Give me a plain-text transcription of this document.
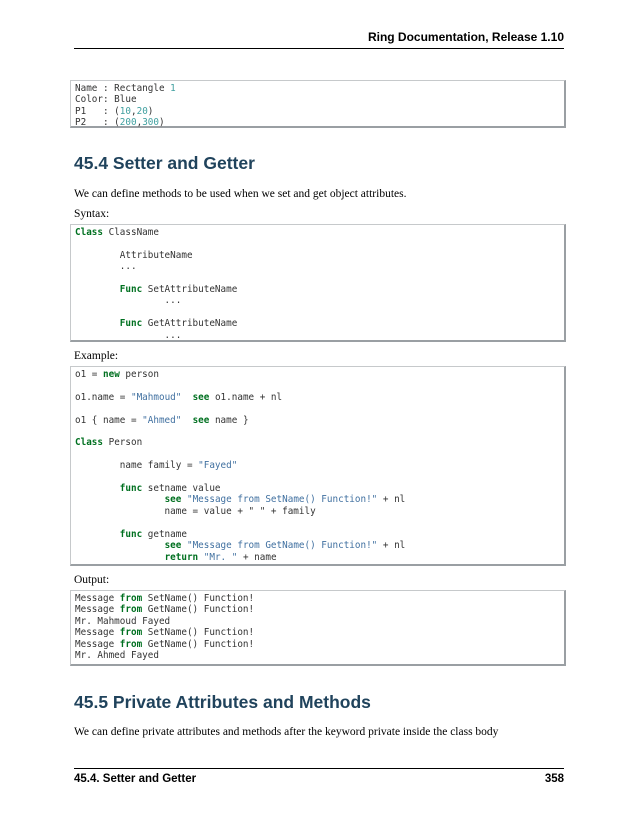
Ring Documentation, Release 1.10
Name : Rectangle 1
Color: Blue
P1   : (10,20)
P2   : (200,300)
45.4 Setter and Getter

We can define methods to be used when we set and get object attributes.

Syntax:

Class ClassName

AttributeName
...

Func SetAttributeName
...

Func GetAttributeName
...

Example:

o1 = new person

o1.name = "Mahmoud" see o1.name + nl

o1 { name = "Ahmed" see name }

Class Person

name family = "Fayed"

func setname value
see "Message from SetName() Function!" + nl
name = value + " " + family

func getname
see "Message from GetName() Function!" + nl
return "Mr. " + name

Output:

Message from SetName() Function!
Message from GetName() Function!
Mr. Mahmoud Fayed
Message from SetName() Function!
Message from GetName() Function!
Mr. Ahmed Fayed
45.5 Private Attributes and Methods

We can define private attributes and methods after the keyword private inside the class body

45.4. Setter and Getter	358
